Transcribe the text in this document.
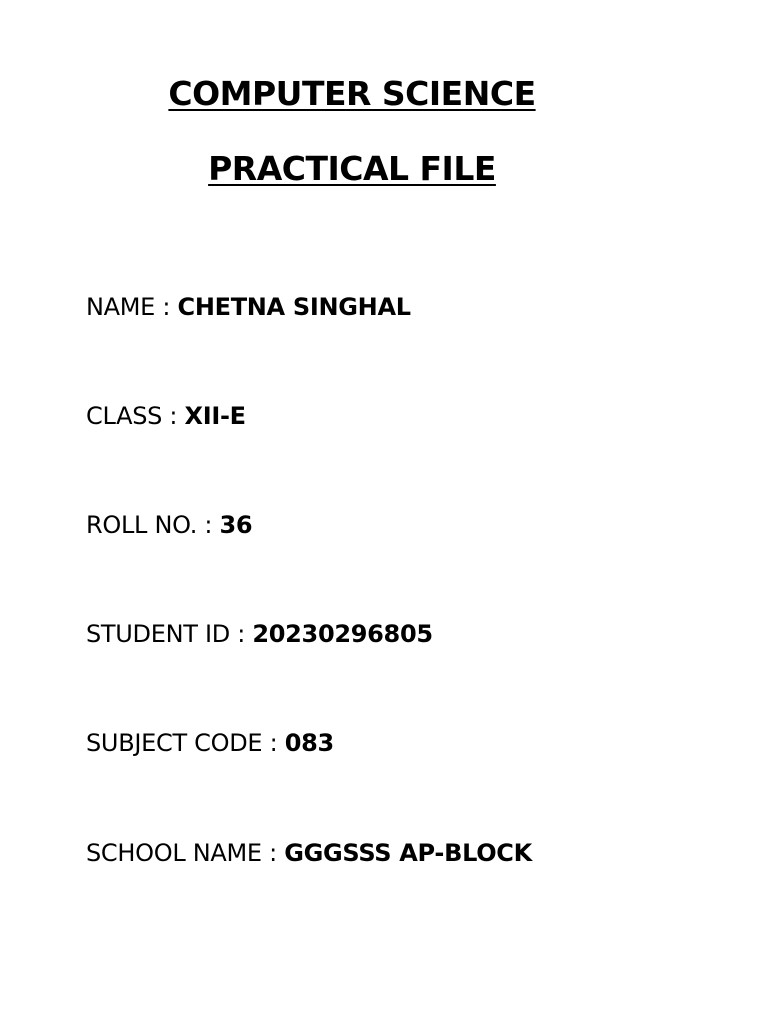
COMPUTER SCIENCE
PRACTICAL FILE
NAME : CHETNA SINGHAL
CLASS : XII-E
ROLL NO. : 36
STUDENT ID : 20230296805
SUBJECT CODE : 083
SCHOOL NAME : GGGSSS AP-BLOCK
